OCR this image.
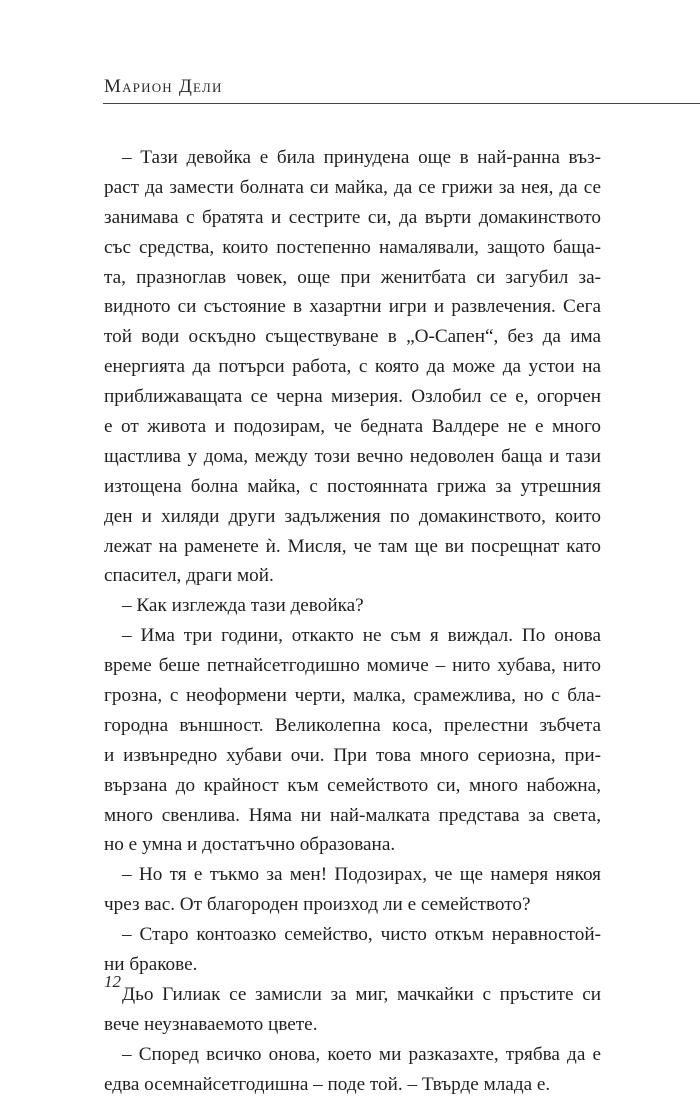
Марион Дели
– Тази девойка е била принудена още в най-ранна въз-
раст да замести болната си майка, да се грижи за нея, да се
занимава с братята и сестрите си, да върти домакинството
със средства, които постепенно намалявали, защото баща-
та, празноглав човек, още при женитбата си загубил за-
видното си състояние в хазартни игри и развлечения. Сега
той води оскъдно съществуване в „О-Сапен“, без да има
енергията да потърси работа, с която да може да устои на
приближаващата се черна мизерия. Озлобил се е, огорчен
е от живота и подозирам, че бедната Валдере не е много
щастлива у дома, между този вечно недоволен баща и тази
изтощена болна майка, с постоянната грижа за утрешния
ден и хиляди други задължения по домакинството, които
лежат на раменете ѝ. Мисля, че там ще ви посрещнат като
спасител, драги мой.
– Как изглежда тази девойка?
– Има три години, откакто не съм я виждал. По онова
време беше петнайсетгодишно момиче – нито хубава, нито
грозна, с неоформени черти, малка, срамежлива, но с бла-
городна външност. Великолепна коса, прелестни зъбчета
и извънредно хубави очи. При това много сериозна, при-
вързана до крайност към семейството си, много набожна,
много свенлива. Няма ни най-малката представа за света,
но е умна и достатъчно образована.
– Но тя е тъкмо за мен! Подозирах, че ще намеря някоя
чрез вас. От благороден произход ли е семейството?
– Старо контоазко семейство, чисто откъм неравностой-
ни бракове.
Дьо Гилиак се замисли за миг, мачкайки с пръстите си
вече неузнаваемото цвете.
– Според всичко онова, което ми разказахте, трябва да е
едва осемнайсетгодишна – поде той. – Твърде млада е.
12
